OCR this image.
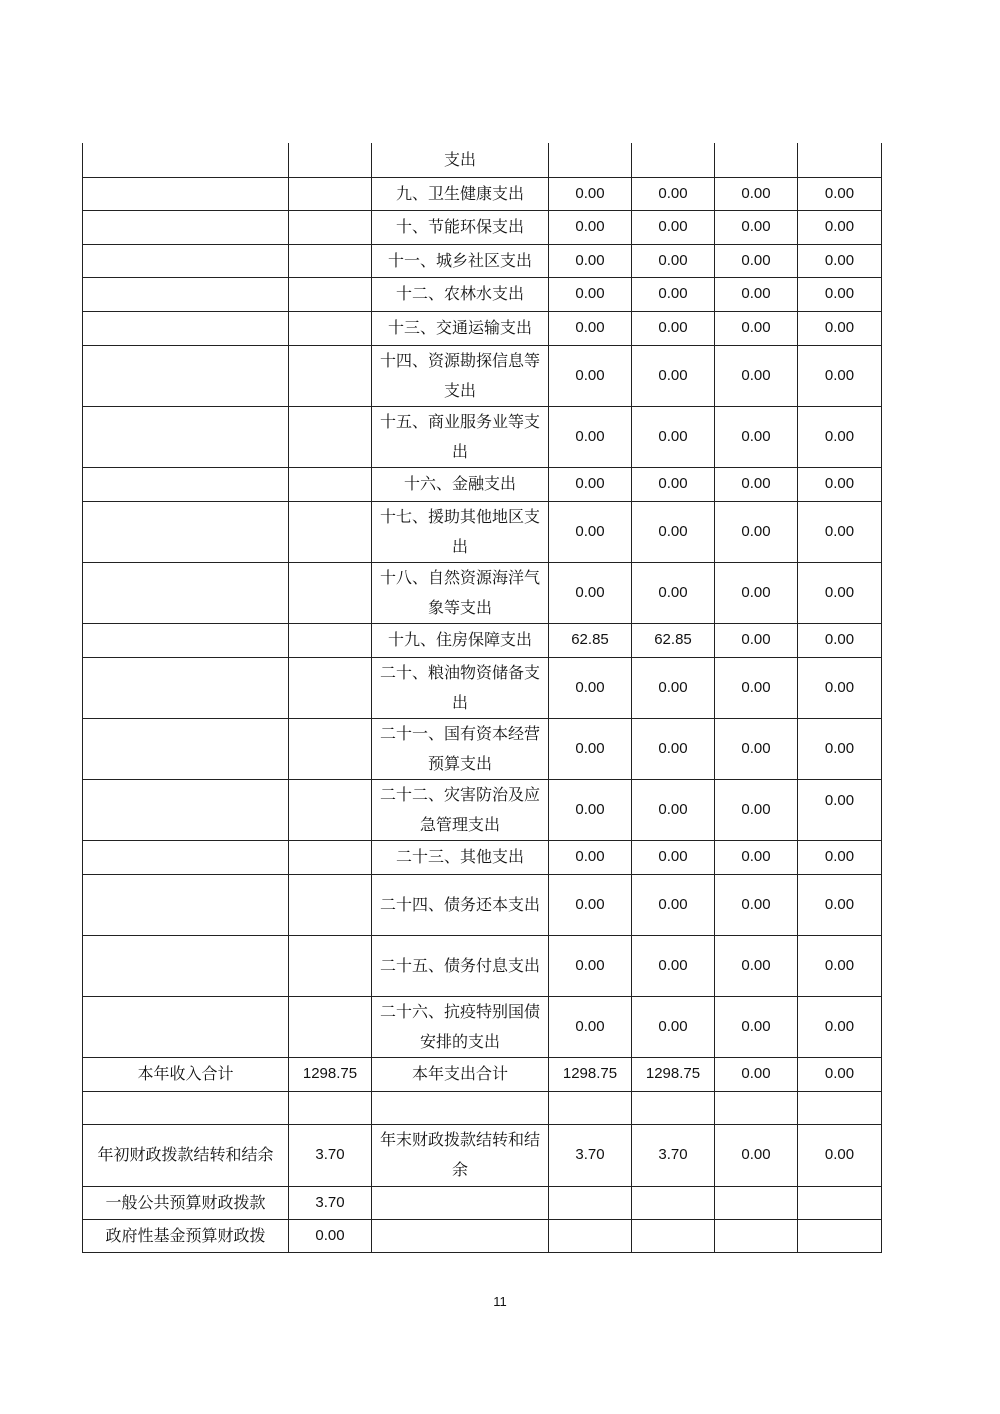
		支出				
		九、卫生健康支出	0.00	0.00	0.00	0.00
		十、节能环保支出	0.00	0.00	0.00	0.00
		十一、城乡社区支出	0.00	0.00	0.00	0.00
		十二、农林水支出	0.00	0.00	0.00	0.00
		十三、交通运输支出	0.00	0.00	0.00	0.00
		十四、资源勘探信息等支出	0.00	0.00	0.00	0.00
		十五、商业服务业等支出	0.00	0.00	0.00	0.00
		十六、金融支出	0.00	0.00	0.00	0.00
		十七、援助其他地区支出	0.00	0.00	0.00	0.00
		十八、自然资源海洋气象等支出	0.00	0.00	0.00	0.00
		十九、住房保障支出	62.85	62.85	0.00	0.00
		二十、粮油物资储备支出	0.00	0.00	0.00	0.00
		二十一、国有资本经营预算支出	0.00	0.00	0.00	0.00
		二十二、灾害防治及应急管理支出	0.00	0.00	0.00	0.00
		二十三、其他支出	0.00	0.00	0.00	0.00
		二十四、债务还本支出	0.00	0.00	0.00	0.00
		二十五、债务付息支出	0.00	0.00	0.00	0.00
		二十六、抗疫特别国债安排的支出	0.00	0.00	0.00	0.00
本年收入合计	1298.75	本年支出合计	1298.75	1298.75	0.00	0.00

年初财政拨款结转和结余	3.70	年末财政拨款结转和结余	3.70	3.70	0.00	0.00
一般公共预算财政拨款	3.70					
政府性基金预算财政拨	0.00					
11
